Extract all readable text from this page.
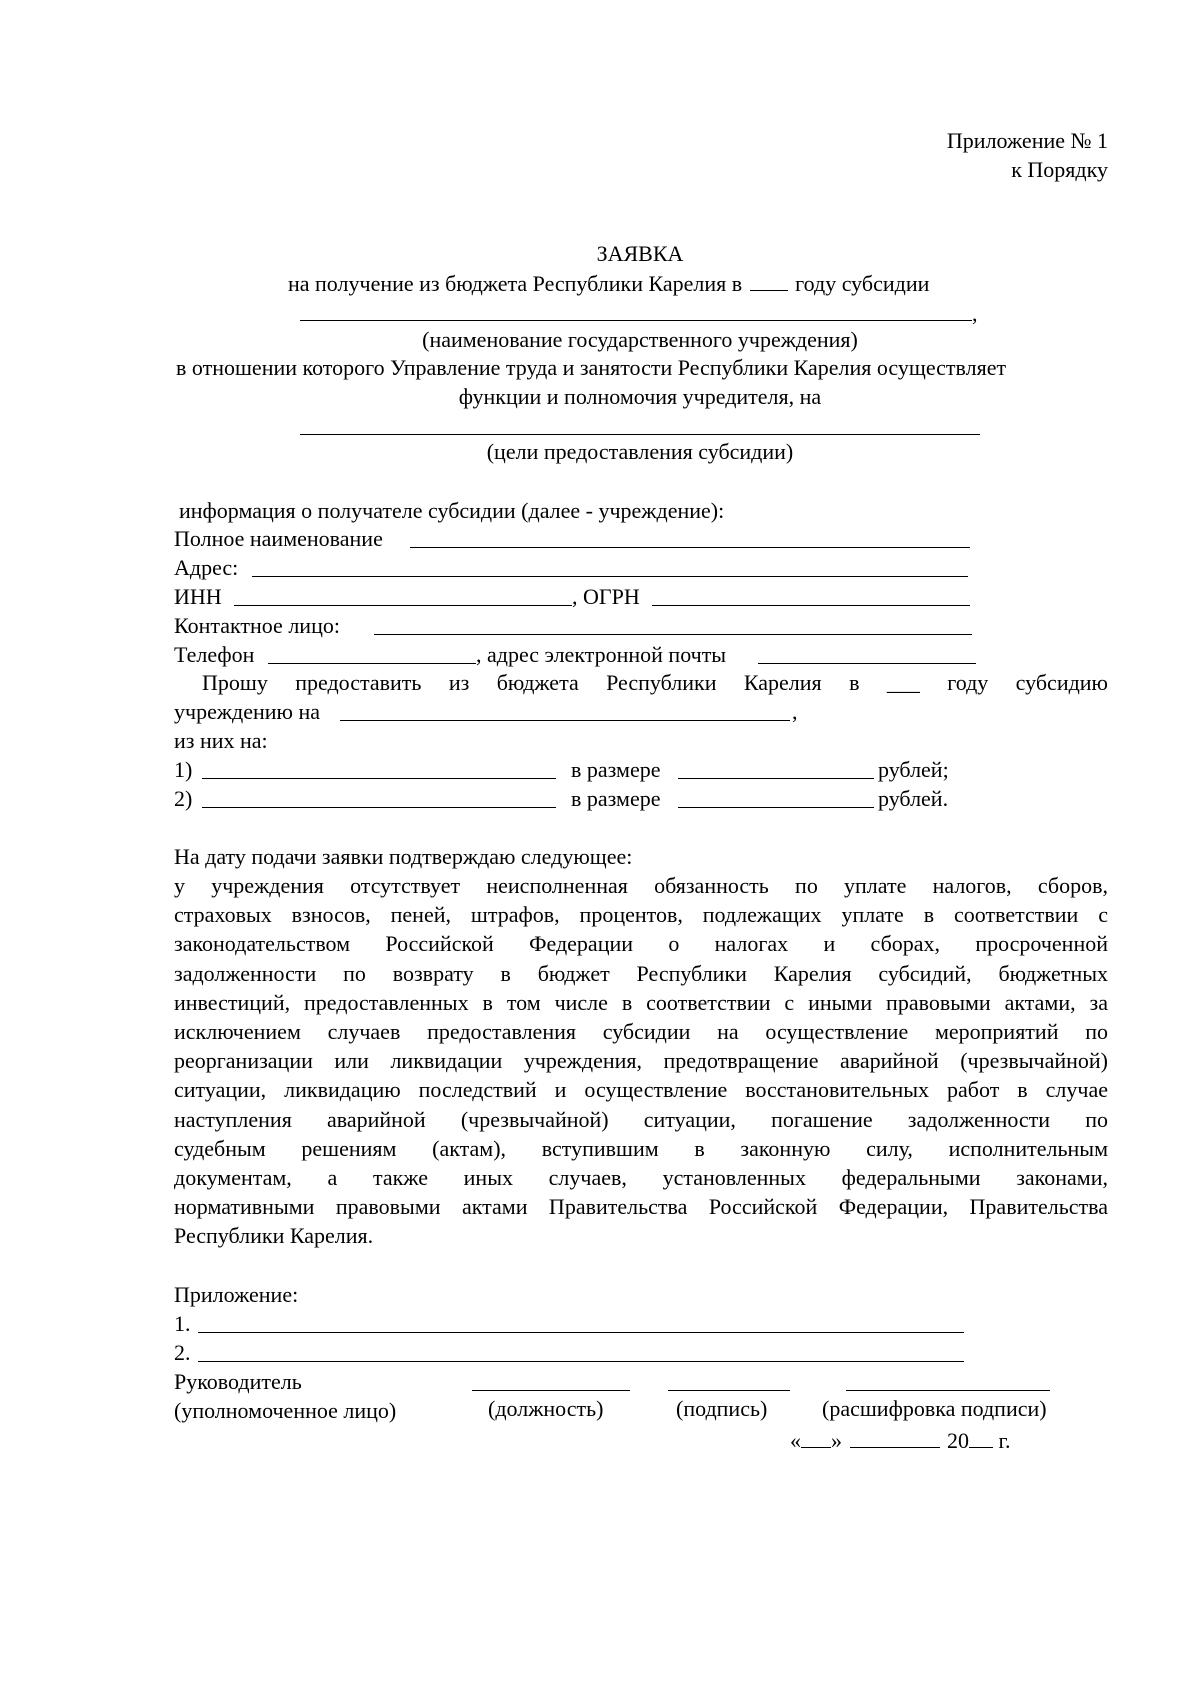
Приложение № 1
к Порядку
ЗАЯВКА
на получение из бюджета Республики Карелия в году субсидии
,
(наименование государственного учреждения)
в отношении которого Управление труда и занятости Республики Карелия осуществляет
функции и полномочия учредителя, на
(цели предоставления субсидии)
информация о получателе субсидии (далее - учреждение):
Полное наименование
Адрес:
ИНН	, ОГРН
Контактное лицо:
Телефон	, адрес электронной почты
Прошу предоставить из бюджета Республики Карелия в ___ году субсидию
учреждению на	,
из них на:
1)	в размере	рублей;
2)	в размере	рублей.
На дату подачи заявки подтверждаю следующее:
у учреждения отсутствует неисполненная обязанность по уплате налогов, сборов,
страховых взносов, пеней, штрафов, процентов, подлежащих уплате в соответствии с
законодательством Российской Федерации о налогах и сборах, просроченной
задолженности по возврату в бюджет Республики Карелия субсидий, бюджетных
инвестиций, предоставленных в том числе в соответствии с иными правовыми актами, за
исключением случаев предоставления субсидии на осуществление мероприятий по
реорганизации или ликвидации учреждения, предотвращение аварийной (чрезвычайной)
ситуации, ликвидацию последствий и осуществление восстановительных работ в случае
наступления аварийной (чрезвычайной) ситуации, погашение задолженности по
судебным решениям (актам), вступившим в законную силу, исполнительным
документам, а также иных случаев, установленных федеральными законами,
нормативными правовыми актами Правительства Российской Федерации, Правительства
Республики Карелия.
Приложение:
1.
2.
Руководитель
(уполномоченное лицо)	(должность)	(подпись) (расшифровка подписи)
« »	20 г.
